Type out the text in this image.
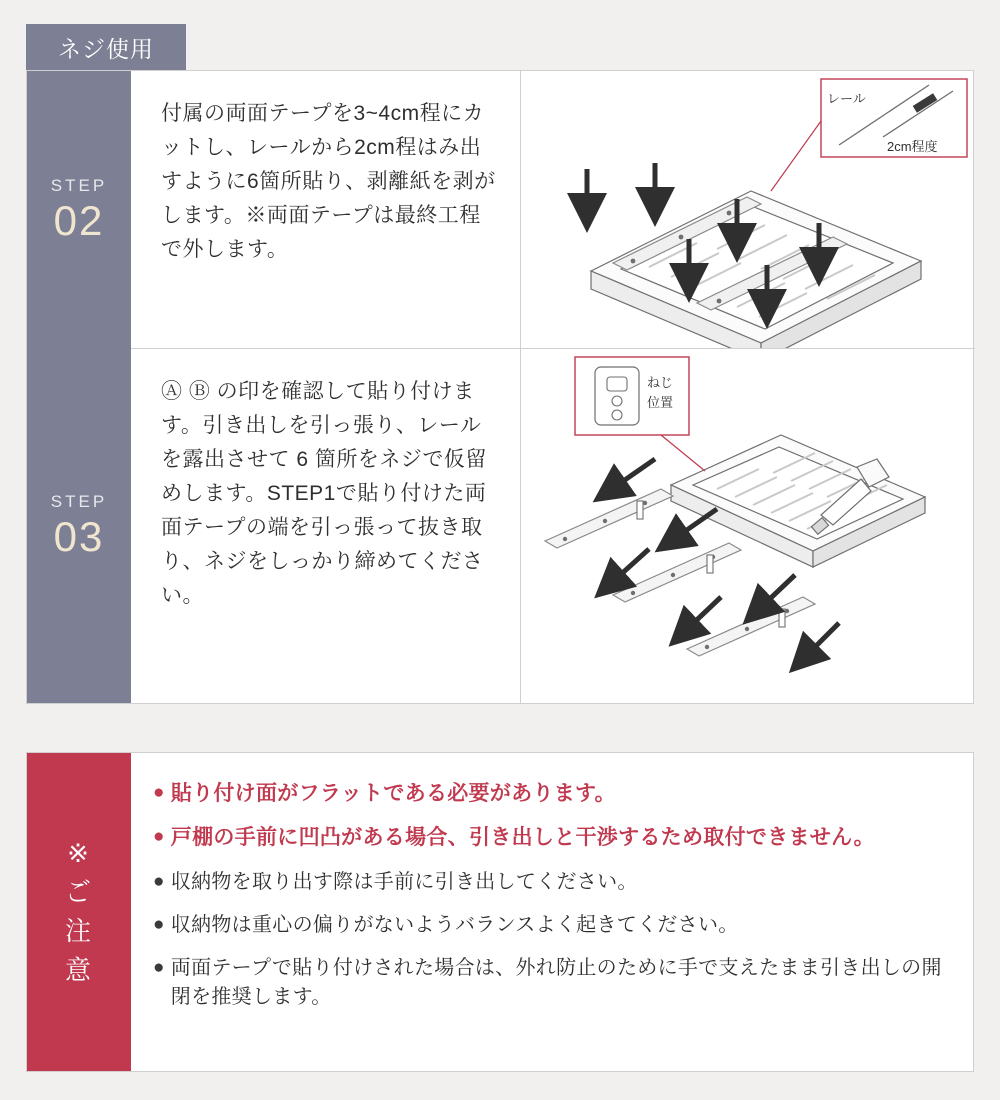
ネジ使用
STEP
02
STEP
03
付属の両面テープを3~4cm程にカットし、レールから2cm程はみ出すように6箇所貼り、剥離紙を剥がします。※両面テープは最終工程で外します。
レール
2cm程度
Ⓐ Ⓑ の印を確認して貼り付けます。引き出しを引っ張り、レールを露出させて 6 箇所をネジで仮留めします。STEP1で貼り付けた両面テープの端を引っ張って抜き取り、ネジをしっかり締めてください。
ねじ
位置
※
ご
注
意
● 貼り付け面がフラットである必要があります。
● 戸棚の手前に凹凸がある場合、引き出しと干渉するため取付できません。
● 収納物を取り出す際は手前に引き出してください。
● 収納物は重心の偏りがないようバランスよく起きてください。
● 両面テープで貼り付けされた場合は、外れ防止のために手で支えたまま引き出しの開閉を推奨します。
